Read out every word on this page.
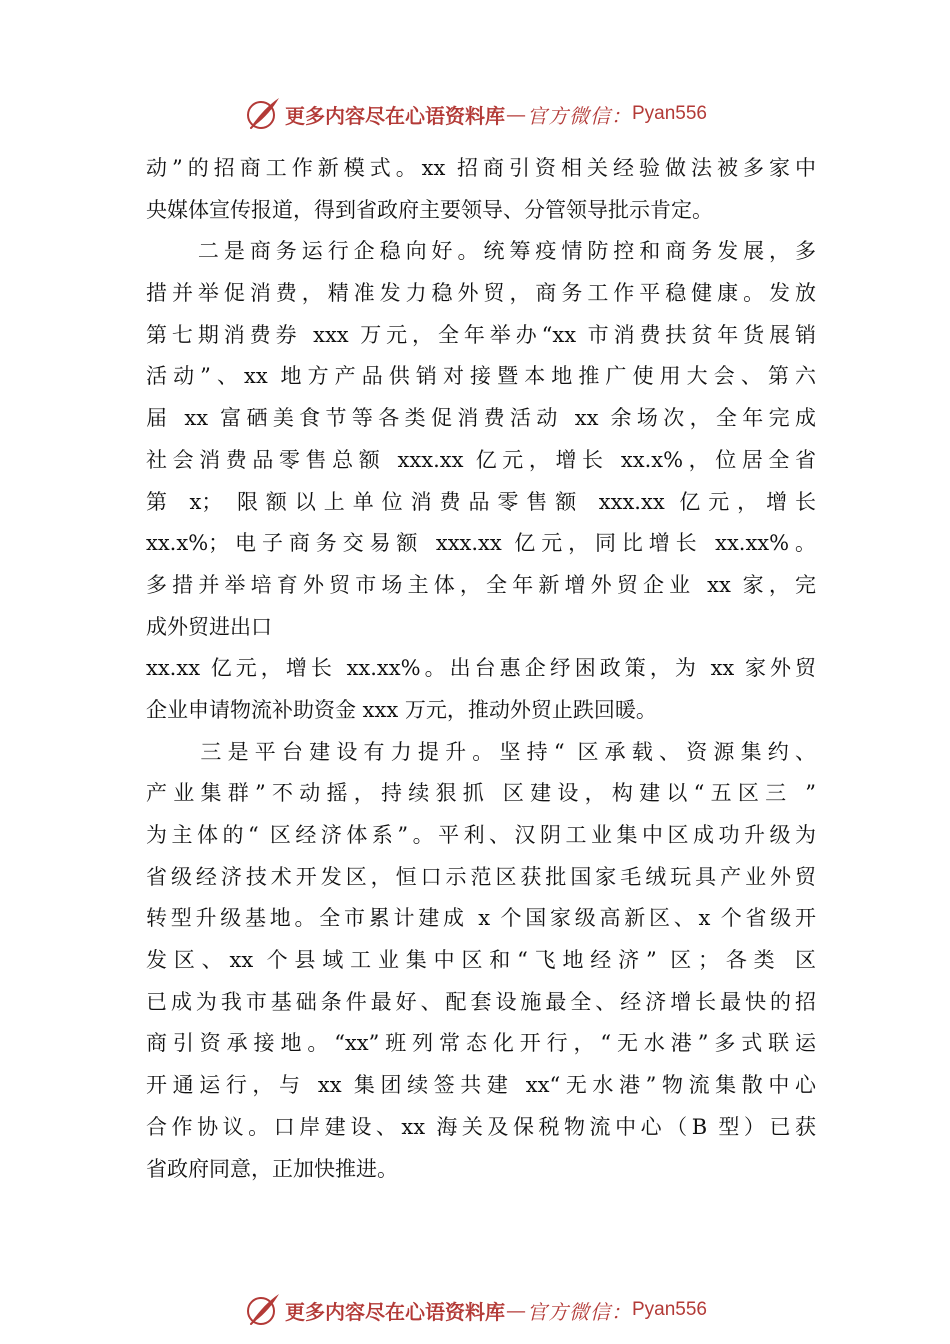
更多内容尽在心语资料库 — 官方微信： Pyan556
动”的招商工作新模式。xx 招商引资相关经验做法被多家中
央媒体宣传报道，得到省政府主要领导、分管领导批示肯定。
　　二是商务运行企稳向好。统筹疫情防控和商务发展，多
措并举促消费，精准发力稳外贸，商务工作平稳健康。发放
第七期消费券 xxx 万元，全年举办“xx 市消费扶贫年货展销
活动”、xx 地方产品供销对接暨本地推广使用大会、第六
届 xx 富硒美食节等各类促消费活动 xx 余场次，全年完成
社会消费品零售总额 xxx.xx 亿元，增长 xx.x%，位居全省
第 x； 限额以上单位消费品零售额 xxx.xx 亿元，增长
xx.x%；电子商务交易额 xxx.xx 亿元，同比增长 xx.xx%。
多措并举培育外贸市场主体，全年新增外贸企业 xx 家，完
成外贸进出口
xx.xx 亿元，增长 xx.xx%。出台惠企纾困政策，为 xx 家外贸
企业申请物流补助资金 xxx 万元，推动外贸止跌回暖。
　　三是平台建设有力提升。坚持“ 区承载、资源集约、
产业集群”不动摇，持续狠抓 区建设，构建以“五区三 ”
为主体的“ 区经济体系”。平利、汉阴工业集中区成功升级为
省级经济技术开发区，恒口示范区获批国家毛绒玩具产业外贸
转型升级基地。全市累计建成 x 个国家级高新区、x 个省级开
发区、xx 个县域工业集中区和“飞地经济” 区；各类 区
已成为我市基础条件最好、配套设施最全、经济增长最快的招
商引资承接地。“xx”班列常态化开行，“无水港”多式联运
开通运行，与 xx 集团续签共建 xx“无水港”物流集散中心
合作协议。口岸建设、xx 海关及保税物流中心（B 型）已获
省政府同意，正加快推进。
更多内容尽在心语资料库 — 官方微信： Pyan556
